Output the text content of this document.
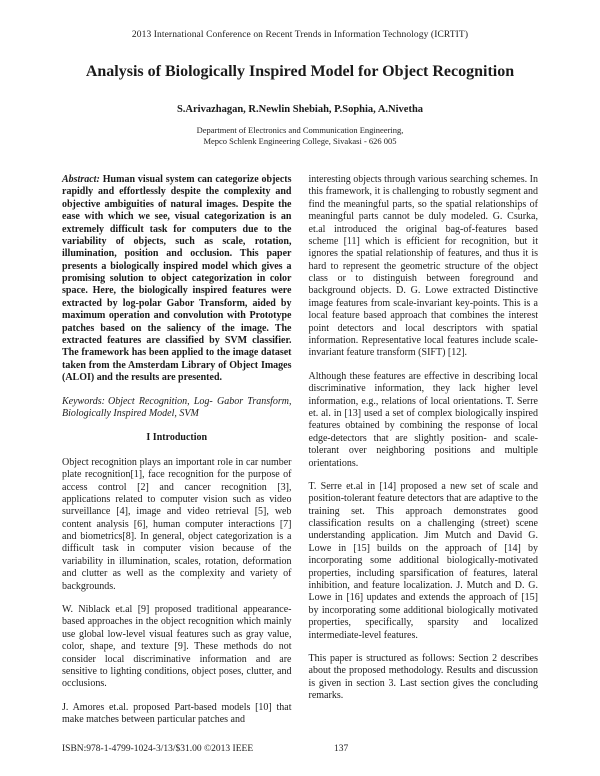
2013 International Conference on Recent Trends in Information Technology (ICRTIT)
Analysis of Biologically Inspired Model for Object Recognition
S.Arivazhagan, R.Newlin Shebiah, P.Sophia, A.Nivetha
Department of Electronics and Communication Engineering,
Mepco Schlenk Engineering College, Sivakasi - 626 005

Abstract: Human visual system can categorize objects rapidly and effortlessly despite the complexity and objective ambiguities of natural images. Despite the ease with which we see, visual categorization is an extremely difficult task for computers due to the variability of objects, such as scale, rotation, illumination, position and occlusion. This paper presents a biologically inspired model which gives a promising solution to object categorization in color space. Here, the biologically inspired features were extracted by log-polar Gabor Transform, aided by maximum operation and convolution with Prototype patches based on the saliency of the image. The extracted features are classified by SVM classifier. The framework has been applied to the image dataset taken from the Amsterdam Library of Object Images (ALOI) and the results are presented.

Keywords: Object Recognition, Log- Gabor Transform, Biologically Inspired Model, SVM

I Introduction

Object recognition plays an important role in car number plate recognition[1], face recognition for the purpose of access control [2] and cancer recognition [3], applications related to computer vision such as video surveillance [4], image and video retrieval [5], web content analysis [6], human computer interactions [7] and biometrics[8]. In general, object categorization is a difficult task in computer vision because of the variability in illumination, scales, rotation, deformation and clutter as well as the complexity and variety of backgrounds.

W. Niblack et.al [9] proposed traditional appearance-based approaches in the object recognition which mainly use global low-level visual features such as gray value, color, shape, and texture [9]. These methods do not consider local discriminative information and are sensitive to lighting conditions, object poses, clutter, and occlusions.

J. Amores et.al. proposed Part-based models [10] that make matches between particular patches and

interesting objects through various searching schemes. In this framework, it is challenging to robustly segment and find the meaningful parts, so the spatial relationships of meaningful parts cannot be duly modeled. G. Csurka, et.al introduced the original bag-of-features based scheme [11] which is efficient for recognition, but it ignores the spatial relationship of features, and thus it is hard to represent the geometric structure of the object class or to distinguish between foreground and background objects. D. G. Lowe extracted Distinctive image features from scale-invariant key-points. This is a local feature based approach that combines the interest point detectors and local descriptors with spatial information. Representative local features include scale-invariant feature transform (SIFT) [12].

Although these features are effective in describing local discriminative information, they lack higher level information, e.g., relations of local orientations. T. Serre et. al. in [13] used a set of complex biologically inspired features obtained by combining the response of local edge-detectors that are slightly position- and scale-tolerant over neighboring positions and multiple orientations.

T. Serre et.al in [14] proposed a new set of scale and position-tolerant feature detectors that are adaptive to the training set. This approach demonstrates good classification results on a challenging (street) scene understanding application. Jim Mutch and David G. Lowe in [15] builds on the approach of [14] by incorporating some additional biologically-motivated properties, including sparsification of features, lateral inhibition, and feature localization. J. Mutch and D. G. Lowe in [16] updates and extends the approach of [15] by incorporating some additional biologically motivated properties, specifically, sparsity and localized intermediate-level features.

This paper is structured as follows: Section 2 describes about the proposed methodology. Results and discussion is given in section 3. Last section gives the concluding remarks.

ISBN:978-1-4799-1024-3/13/$31.00 ©2013 IEEE	137
